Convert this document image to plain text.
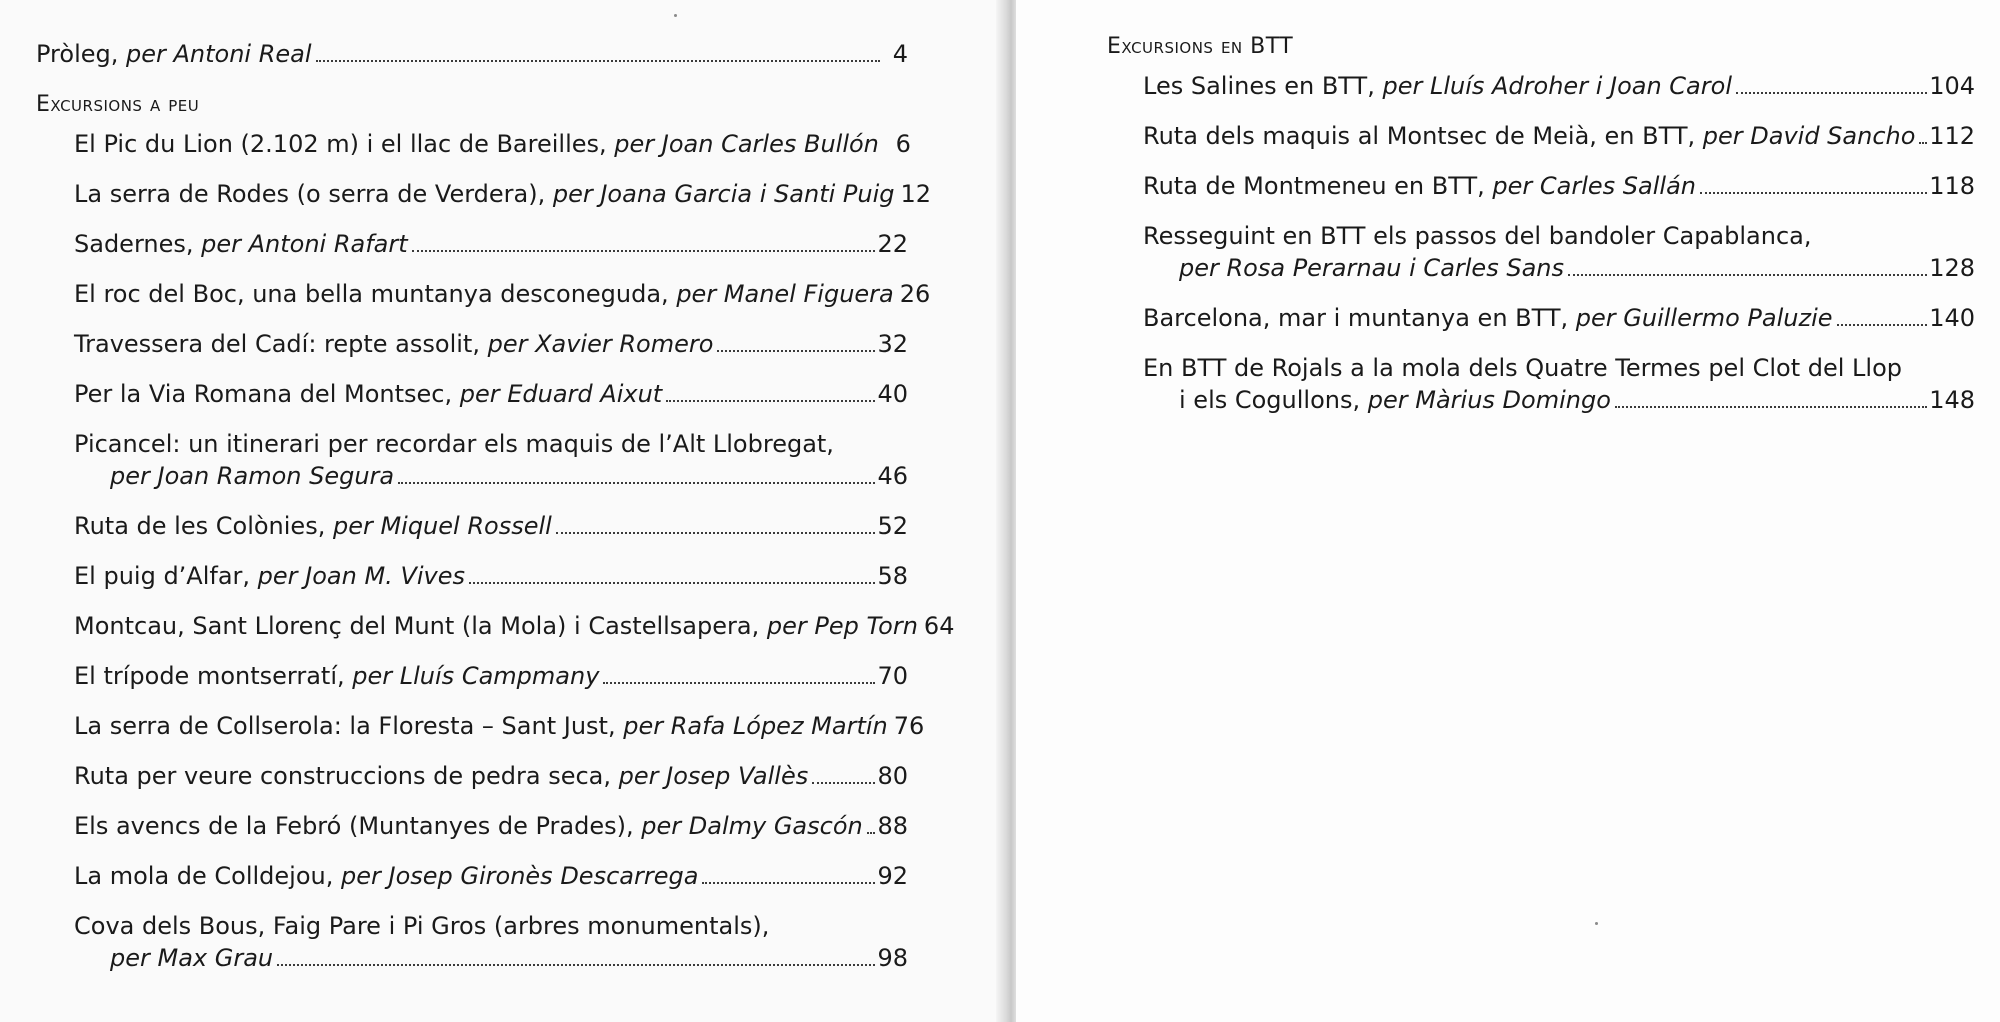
Pròleg, per Antoni Real	4
Excursions a peu
El Pic du Lion (2.102 m) i el llac de Bareilles, per Joan Carles Bullón 6
La serra de Rodes (o serra de Verdera), per Joana Garcia i Santi Puig 12
Sadernes, per Antoni Rafart	22
El roc del Boc, una bella muntanya desconeguda, per Manel Figuera 26
Travessera del Cadí: repte assolit, per Xavier Romero	32
Per la Via Romana del Montsec, per Eduard Aixut	40
Picancel: un itinerari per recordar els maquis de l’Alt Llobregat,
per Joan Ramon Segura	46
Ruta de les Colònies, per Miquel Rossell	52
El puig d’Alfar, per Joan M. Vives	58
Montcau, Sant Llorenç del Munt (la Mola) i Castellsapera, per Pep Torn 64
El trípode montserratí, per Lluís Campmany	70
La serra de Collserola: la Floresta – Sant Just, per Rafa López Martín 76
Ruta per veure construccions de pedra seca, per Josep Vallès	80
Els avencs de la Febró (Muntanyes de Prades), per Dalmy Gascón 88
La mola de Colldejou, per Josep Gironès Descarrega	92
Cova dels Bous, Faig Pare i Pi Gros (arbres monumentals),
per Max Grau	98
Excursions en BTT
Les Salines en BTT, per Lluís Adroher i Joan Carol	104
Ruta dels maquis al Montsec de Meià, en BTT, per David Sancho 112
Ruta de Montmeneu en BTT, per Carles Sallán	118
Resseguint en BTT els passos del bandoler Capablanca,
per Rosa Perarnau i Carles Sans	128
Barcelona, mar i muntanya en BTT, per Guillermo Paluzie	140
En BTT de Rojals a la mola dels Quatre Termes pel Clot del Llop
i els Cogullons, per Màrius Domingo	148
